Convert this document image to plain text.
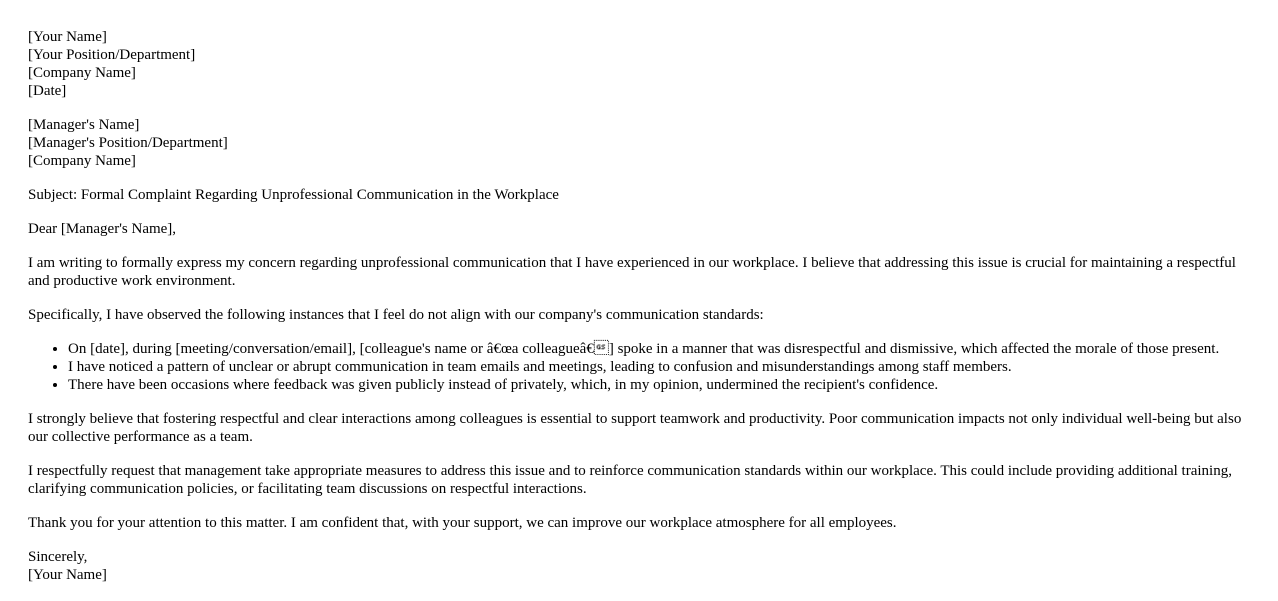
[Your Name]
[Your Position/Department]
[Company Name]
[Date]
[Manager's Name]
[Manager's Position/Department]
[Company Name]

Subject: Formal Complaint Regarding Unprofessional Communication in the Workplace

Dear [Manager's Name],

I am writing to formally express my concern regarding unprofessional communication that I have experienced in our workplace. I believe that addressing this issue is crucial for maintaining a respectful and productive work environment.

Specifically, I have observed the following instances that I feel do not align with our company's communication standards:

• On [date], during [meeting/conversation/email], [colleague's name or â€œa colleagueâ€] spoke in a manner that was disrespectful and dismissive, which affected the morale of those present.
• I have noticed a pattern of unclear or abrupt communication in team emails and meetings, leading to confusion and misunderstandings among staff members.
• There have been occasions where feedback was given publicly instead of privately, which, in my opinion, undermined the recipient's confidence.

I strongly believe that fostering respectful and clear interactions among colleagues is essential to support teamwork and productivity. Poor communication impacts not only individual well-being but also our collective performance as a team.

I respectfully request that management take appropriate measures to address this issue and to reinforce communication standards within our workplace. This could include providing additional training, clarifying communication policies, or facilitating team discussions on respectful interactions.

Thank you for your attention to this matter. I am confident that, with your support, we can improve our workplace atmosphere for all employees.

Sincerely,
[Your Name]
